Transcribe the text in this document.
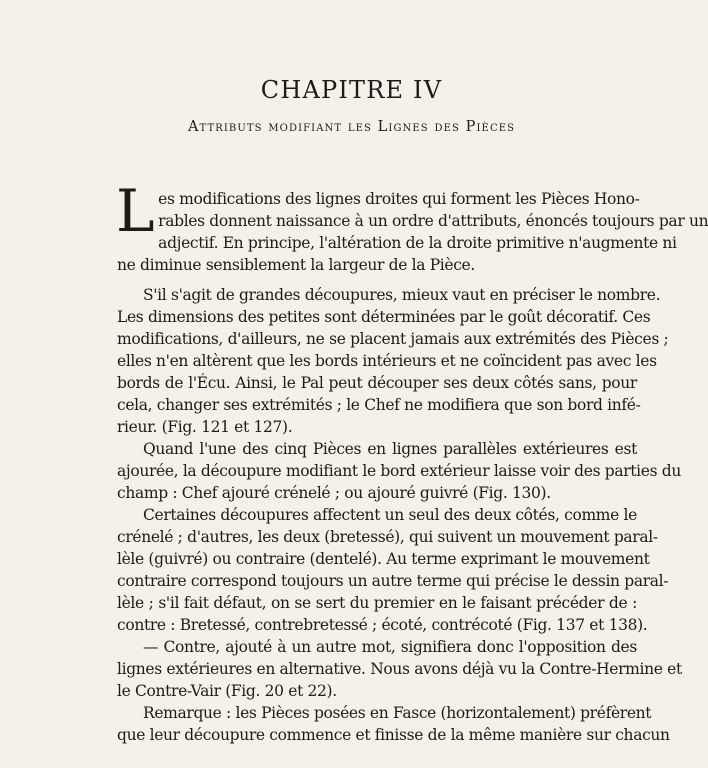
CHAPITRE IV
Attributs modifiant les Lignes des Pièces
L es modifications des lignes droites qui forment les Pièces Hono-
rables donnent naissance à un ordre d'attributs, énoncés toujours par un
adjectif. En principe, l'altération de la droite primitive n'augmente ni
ne diminue sensiblement la largeur de la Pièce.
S'il s'agit de grandes découpures, mieux vaut en préciser le nombre.
Les dimensions des petites sont déterminées par le goût décoratif. Ces
modifications, d'ailleurs, ne se placent jamais aux extrémités des Pièces ;
elles n'en altèrent que les bords intérieurs et ne coïncident pas avec les
bords de l'Écu. Ainsi, le Pal peut découper ses deux côtés sans, pour
cela, changer ses extrémités ; le Chef ne modifiera que son bord infé-
rieur. (Fig. 121 et 127).
Quand l'une des cinq Pièces en lignes parallèles extérieures est
ajourée, la découpure modifiant le bord extérieur laisse voir des parties du
champ : Chef ajouré crénelé ; ou ajouré guivré (Fig. 130).
Certaines découpures affectent un seul des deux côtés, comme le
crénelé ; d'autres, les deux (bretessé), qui suivent un mouvement paral-
lèle (guivré) ou contraire (dentelé). Au terme exprimant le mouvement
contraire correspond toujours un autre terme qui précise le dessin paral-
lèle ; s'il fait défaut, on se sert du premier en le faisant précéder de :
contre : Bretessé, contrebretessé ; écoté, contrécoté (Fig. 137 et 138).
— Contre, ajouté à un autre mot, signifiera donc l'opposition des
lignes extérieures en alternative. Nous avons déjà vu la Contre-Hermine et
le Contre-Vair (Fig. 20 et 22).
Remarque : les Pièces posées en Fasce (horizontalement) préfèrent
que leur découpure commence et finisse de la même manière sur chacun
